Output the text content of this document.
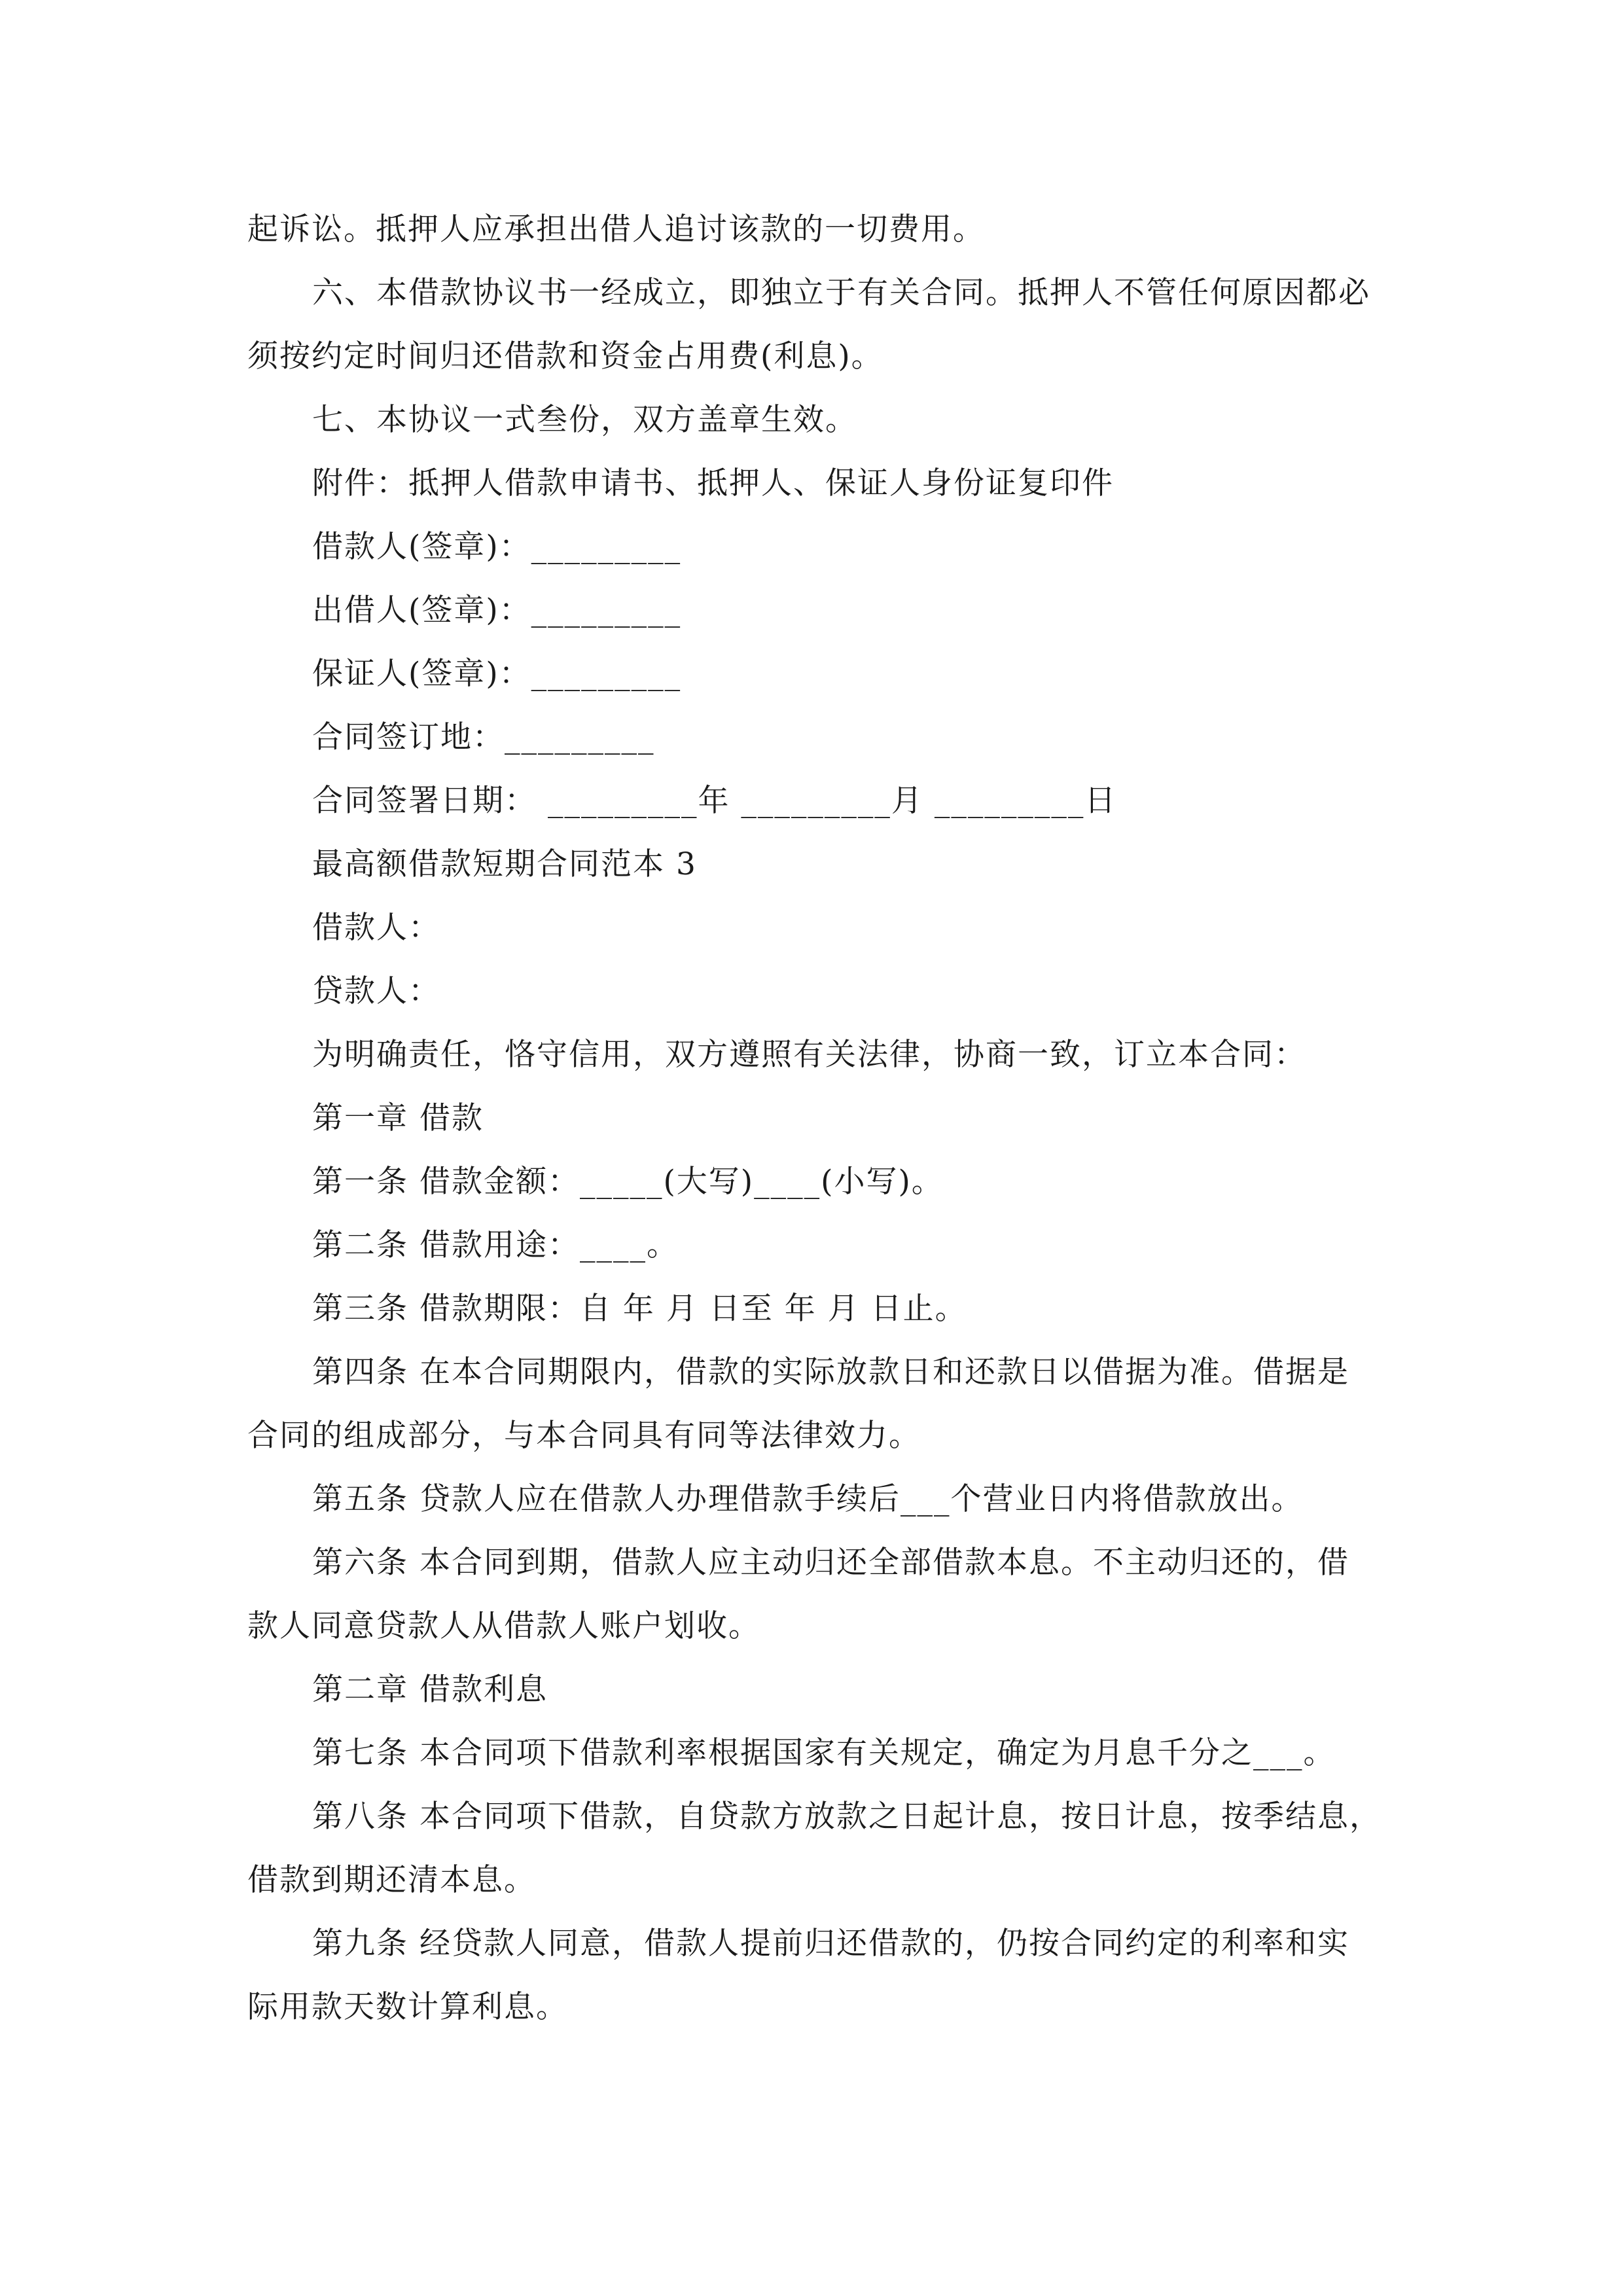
起诉讼。抵押人应承担出借人追讨该款的一切费用。
六、本借款协议书一经成立，即独立于有关合同。抵押人不管任何原因都必
须按约定时间归还借款和资金占用费(利息)。
七、本协议一式叁份，双方盖章生效。
附件：抵押人借款申请书、抵押人、保证人身份证复印件
借款人(签章)：_________
出借人(签章)：_________
保证人(签章)：_________
合同签订地：_________
合同签署日期： _________年 _________月 _________日
最高额借款短期合同范本 3
借款人：
贷款人：
为明确责任，恪守信用，双方遵照有关法律，协商一致，订立本合同：
第一章 借款
第一条 借款金额：_____(大写)____(小写)。
第二条 借款用途：____。
第三条 借款期限：自 年 月 日至 年 月 日止。
第四条 在本合同期限内，借款的实际放款日和还款日以借据为准。借据是
合同的组成部分，与本合同具有同等法律效力。
第五条 贷款人应在借款人办理借款手续后___个营业日内将借款放出。
第六条 本合同到期，借款人应主动归还全部借款本息。不主动归还的，借
款人同意贷款人从借款人账户划收。
第二章 借款利息
第七条 本合同项下借款利率根据国家有关规定，确定为月息千分之___。
第八条 本合同项下借款，自贷款方放款之日起计息，按日计息，按季结息，
借款到期还清本息。
第九条 经贷款人同意，借款人提前归还借款的，仍按合同约定的利率和实
际用款天数计算利息。
